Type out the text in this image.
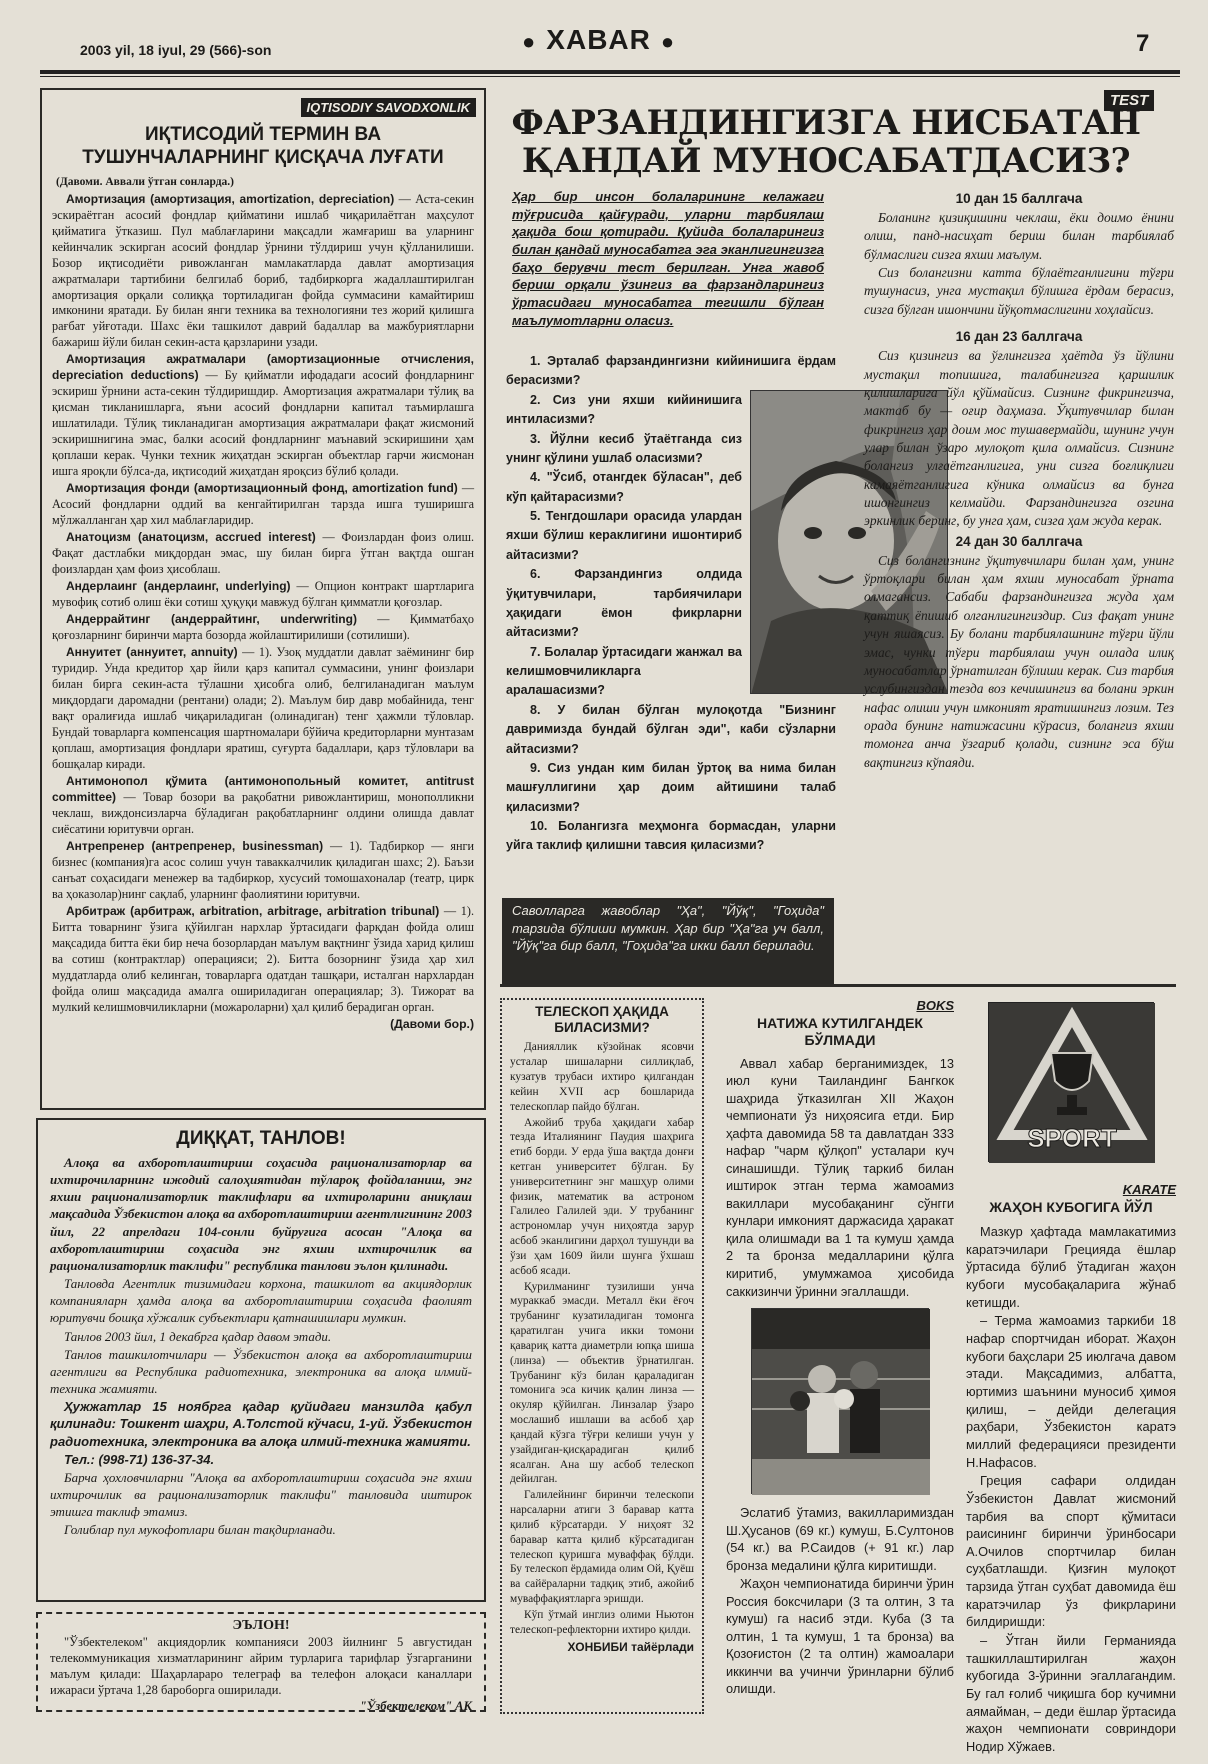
2003 yil, 18 iyul, 29 (566)-son	● XABAR ●	7
IQTISODIY SAVODXONLIK
ИҚТИСОДИЙ ТЕРМИН ВА ТУШУНЧАЛАРНИНГ ҚИСҚАЧА ЛУҒАТИ
(Давоми. Аввали ўтган сонларда.)
Амортизация (амортизация, amortization, depreciation) — Аста-секин эскираётган асосий фондлар қийматини ишлаб чиқарилаётган маҳсулот қийматига ўтказиш. Пул маблағларини мақсадли жамғариш ва уларнинг кейинчалик эскирган асосий фондлар ўрнини тўлдириш учун қўлланилиши. Бозор иқтисодиёти ривожланган мамлакатларда давлат амортизация ажратмалари тартибини белгилаб бориб, тадбиркорга жадаллаштирилган амортизация орқали солиққа тортиладиган фойда суммасини камайтириш имконини яратади. Бу билан янги техника ва технологияни тез жорий қилишга рағбат уйғотади. Шахс ёки ташкилот даврий бадаллар ва мажбуриятларни бажариш йўли билан секин-аста қарзларини узади.
Амортизация ажратмалари (амортизационные отчисления, depreciation deductions) — Бу қийматли ифодадаги асосий фондларнинг эскириш ўрнини аста-секин тўлдиришдир. Амортизация ажратмалари тўлиқ ва қисман тикланишларга, яъни асосий фондларни капитал таъмирлашга ишлатилади. Тўлиқ тикланадиган амортизация ажратмалари фақат жисмоний эскиришнигина эмас, балки асосий фондларнинг маънавий эскиришини ҳам қоплаши керак. Чунки техник жиҳатдан эскирган объектлар гарчи жисмонан ишга яроқли бўлса-да, иқтисодий жиҳатдан яроқсиз бўлиб қолади.
Амортизация фонди (амортизационный фонд, amortization fund) — Асосий фондларни оддий ва кенгайтирилган тарзда ишга туширишга мўлжалланган ҳар хил маблағларидир.
Анатоцизм (анатоцизм, accrued interest) — Фоизлардан фоиз олиш. Фақат дастлабки миқдордан эмас, шу билан бирга ўтган вақтда ошган фоизлардан ҳам фоиз ҳисоблаш.
Андерлаинг (андерлаинг, underlying) — Опцион контракт шартларига мувофиқ сотиб олиш ёки сотиш ҳуқуқи мавжуд бўлган қимматли қоғозлар.
Андеррайтинг (андеррайтинг, underwriting) — Қимматбаҳо қоғозларнинг биринчи марта бозорда жойлаштирилиши (сотилиши).
Аннуитет (аннуитет, annuity) — 1). Узоқ муддатли давлат заёмининг бир туридир. Унда кредитор ҳар йили қарз капитал суммасини, унинг фоизлари билан бирга секин-аста тўлашни ҳисобга олиб, белгиланадиган маълум миқдордаги даромадни (рентани) олади; 2). Маълум бир давр мобайнида, тенг вақт оралиғида ишлаб чиқариладиган (олинадиган) тенг ҳажмли тўловлар. Бундай товарларга компенсация шартномалари бўйича кредиторларни мунтазам қоплаш, амортизация фондлари яратиш, суғурта бадаллари, қарз тўловлари ва бошқалар киради.
Антимонопол қўмита (антимонопольный комитет, antitrust committee) — Товар бозори ва рақобатни ривожлантириш, монополликни чеклаш, виждонсизларча бўладиган рақобатларнинг олдини олишда давлат сиёсатини юритувчи орган.
Антрепренер (антрепренер, businessman) — 1). Тадбиркор — янги бизнес (компания)га асос солиш учун таваккалчилик қиладиган шахс; 2). Баъзи санъат соҳасидаги менежер ва тадбиркор, хусусий томошахоналар (театр, цирк ва ҳоказолар)нинг сақлаб, уларнинг фаолиятини юритувчи.
Арбитраж (арбитраж, arbitration, arbitrage, arbitration tribunal) — 1). Битта товарнинг ўзига қўйилган нархлар ўртасидаги фарқдан фойда олиш мақсадида битта ёки бир неча бозорлардан маълум вақтнинг ўзида харид қилиш ва сотиш (контрактлар) операцияси; 2). Битта бозорнинг ўзида ҳар хил муддатларда олиб келинган, товарларга одатдан ташқари, исталган нархлардан фойда олиш мақсадида амалга ошириладиган операциялар; 3). Тижорат ва мулкий келишмовчиликларни (можароларни) ҳал қилиб берадиган орган.
(Давоми бор.)
ДИҚҚАТ, ТАНЛОВ!
Алоқа ва ахборотлаштириш соҳасида рационализаторлар ва ихтирочиларнинг ижодий салоҳиятидан тўлароқ фойдаланиш, энг яхши рационализаторлик таклифлари ва ихтироларини аниқлаш мақсадида Ўзбекистон алоқа ва ахборотлаштириш агентлигининг 2003 йил, 22 апрелдаги 104-сонли буйруғига асосан "Алоқа ва ахборотлаштириш соҳасида энг яхши ихтирочилик ва рационализаторлик таклифи" республика танлови эълон қилинади.
Танловда Агентлик тизимидаги корхона, ташкилот ва акциядорлик компанияларн ҳамда алоқа ва ахборотлаштириш соҳасида фаолият юритувчи бошқа хўжалик субъектлари қатнашишлари мумкин.
Танлов 2003 йил, 1 декабрга қадар давом этади.
Танлов ташкилотчилари — Ўзбекистон алоқа ва ахборотлаштириш агентлиги ва Республика радиотехника, электроника ва алоқа илмий-техника жамияти.
Ҳужжатлар 15 ноябрга қадар қуйидаги манзилда қабул қилинади: Тошкент шаҳри, А.Толстой кўчаси, 1-уй. Ўзбекистон радиотехника, электроника ва алоқа илмий-техника жамияти.
Тел.: (998-71) 136-37-34.
Барча ҳохловчиларни "Алоқа ва ахборотлаштириш соҳасида энг яхши ихтирочилик ва рационализаторлик таклифи" танловида иштирок этишга таклиф этамиз.
Голиблар пул мукофотлари билан тақдирланади.
ЭЪЛОН!
"Ўзбектелеком" акциядорлик компанияси 2003 йилнинг 5 августидан телекоммуникация хизматларининг айрим турларига тарифлар ўзгарганини маълум қилади: Шаҳарлараро телеграф ва телефон алоқаси каналлари ижараси ўртача 1,28 бароборга оширилади.
"Ўзбектелеком" АК
TEST
ФАРЗАНДИНГИЗГА НИСБАТАН ҚАНДАЙ МУНОСАБАТДАСИЗ?
Ҳар бир инсон болаларининг келажаги тўғрисида қайғуради, уларни тарбиялаш ҳақида бош қотиради. Қуйида болаларингиз билан қандай муносабатга эга эканлигингизга баҳо берувчи тест берилган. Унга жавоб бериш орқали ўзингиз ва фарзандларингиз ўртасидаги муносабатга тегишли бўлган маълумотларни оласиз.
1. Эрталаб фарзандингизни кийинишига ёрдам берасизми?
2. Сиз уни яхши кийинишига интиласизми?
3. Йўлни кесиб ўтаётганда сиз унинг қўлини ушлаб оласизми?
4. "Ўсиб, отангдек бўласан", деб кўп қайтарасизми?
5. Тенгдошлари орасида улардан яхши бўлиш кераклигини ишонтириб айтасизми?
6. Фарзандингиз олдида ўқитувчилари, тарбиячилари ҳақидаги ёмон фикрларни айтасизми?
7. Болалар ўртасидаги жанжал ва келишмовчиликларга аралашасизми?
8. У билан бўлган мулоқотда "Бизнинг давримизда бундай бўлган эди", каби сўзларни айтасизми?
9. Сиз ундан ким билан ўртоқ ва нима билан машғуллигини ҳар доим айтишини талаб қиласизми?
10. Болангизга меҳмонга бормасдан, уларни уйга таклиф қилишни тавсия қиласизми?
Саволларга жавоблар "Ҳа", "Йўқ", "Гоҳида" тарзида бўлиши мумкин. Ҳар бир "Ҳа"га уч балл, "Йўқ"га бир балл, "Гоҳида"га икки балл берилади.
10 дан 15 баллгача
Боланинг қизиқишини чеклаш, ёки доимо ёнини олиш, панд-насиҳат бериш билан тарбиялаб бўлмаслиги сизга яхши маълум.
Сиз болангизни катта бўлаётганлигини тўғри тушунасиз, унга мустақил бўлишга ёрдам берасиз, сизга бўлган ишончини йўқотмаслигини хоҳлайсиз.
16 дан 23 баллгача
Сиз қизингиз ва ўғлингизга ҳаётда ўз йўлини мустақил топишига, талабингизга қаршилик қилишларига йўл қўймайсиз. Сизнинг фикрингизча, мактаб бу — оғир даҳмаза. Ўқитувчилар билан фикрингиз ҳар доим мос тушавермайди, шунинг учун улар билан ўзаро мулоқот қила олмайсиз. Сизнинг болангиз улғаётганлигига, уни сизга боғлиқлиги камаяётганлигига кўника олмайсиз ва бунга ишонгингиз келмайди. Фарзандингизга озгина эркинлик беринг, бу унга ҳам, сизга ҳам жуда керак.
24 дан 30 баллгача
Сиз болангизнинг ўқитувчилари билан ҳам, унинг ўртоқлари билан ҳам яхши муносабат ўрната олмагансиз. Сабаби фарзандингизга жуда ҳам қаттиқ ёпишиб олганлигингиздир. Сиз фақат унинг учун яшаясиз. Бу болани тарбиялашнинг тўғри йўли эмас, чунки тўғри тарбиялаш учун оилада илиқ муносабатлар ўрнатилган бўлиши керак. Сиз тарбия услубингиздан тезда воз кечишингиз ва болани эркин нафас олиши учун имконият яратишингиз лозим. Тез орада бунинг натижасини кўрасиз, болангиз яхши томонга анча ўзгариб қолади, сизнинг эса бўш вақтингиз кўпаяди.
ТЕЛЕСКОП ҲАҚИДА БИЛАСИЗМИ?
Данияллик кўзойнак ясовчи усталар шишаларни силлиқлаб, кузатув трубаси ихтиро қилгандан кейин XVII аср бошларида телескоплар пайдо бўлган.
Ажойиб труба ҳақидаги хабар тезда Италиянинг Паудия шаҳрига етиб борди. У ерда ўша вақтда донғи кетган университет бўлган. Бу университетнинг энг машҳур олими физик, математик ва астроном Галилео Галилей эди. У трубанинг астрономлар учун ниҳоятда зарур асбоб эканлигини дарҳол тушунди ва ўзи ҳам 1609 йили шунга ўхшаш асбоб ясади.
Қурилманинг тузилиши унча мураккаб эмасди. Металл ёки ёғоч трубанинг кузатиладиган томонга қаратилган учига икки томони қавариқ катта диаметрли юпқа шиша (линза) — объектив ўрнатилган. Трубанинг кўз билан қараладиган томонига эса кичик қалин линза — окуляр қўйилган. Линзалар ўзаро мослашиб ишлаши ва асбоб ҳар қандай кўзга тўғри келиши учун у узайдиган-қисқарадиган қилиб ясалган. Ана шу асбоб телескоп дейилган.
Галилейнинг биринчи телескопи нарсаларни атиги 3 баравар катта қилиб кўрсатарди. У ниҳоят 32 баравар катта қилиб кўрсатадиган телескоп қуришга муваффақ бўлди. Бу телескоп ёрдамида олим Ой, Қуёш ва сайёраларни тадқиқ этиб, ажойиб муваффақиятларга эришди.
Кўп ўтмай инглиз олими Ньютон телескоп-рефлекторни ихтиро қилди.
ХОНБИБИ тайёрлади
BOKS
НАТИЖА КУТИЛГАНДЕК БЎЛМАДИ
Аввал хабар берганимиздек, 13 июл куни Таиландинг Бангкок шаҳрида ўтказилган XII Жаҳон чемпионати ўз ниҳоясига етди. Бир ҳафта давомида 58 та давлатдан 333 нафар "чарм қўлқоп" усталари куч синашишди. Тўлиқ таркиб билан иштирок этган терма жамоамиз вакиллари мусобақанинг сўнгги кунлари имконият даржасида ҳаракат қила олишмади ва 1 та кумуш ҳамда 2 та бронза медалларини қўлга киритиб, умумжамоа ҳисобида саккизинчи ўринни эгаллашди.
Эслатиб ўтамиз, вакилларимиздан Ш.Ҳусанов (69 кг.) кумуш, Б.Султонов (54 кг.) ва Р.Саидов (+ 91 кг.) лар бронза медалини қўлга киритишди.
Жаҳон чемпионатида биринчи ўрин Россия боксчилари (3 та олтин, 3 та кумуш) га насиб этди. Куба (3 та олтин, 1 та кумуш, 1 та бронза) ва Қозоғистон (2 та олтин) жамоалари иккинчи ва учинчи ўринларни бўлиб олишди.
SPORT
KARATE
ЖАҲОН КУБОГИГА ЙЎЛ
Мазкур ҳафтада мамлакатимиз каратэчилари Грецияда ёшлар ўртасида бўлиб ўтадиган жаҳон кубоги мусобақаларига жўнаб кетишди.
– Терма жамоамиз таркиби 18 нафар спортчидан иборат. Жаҳон кубоги баҳслари 25 июлгача давом этади. Мақсадимиз, албатта, юртимиз шаънини муносиб ҳимоя қилиш, – дейди делегация раҳбари, Ўзбекистон каратэ миллий федерацияси президенти Н.Нафасов.
Греция сафари олдидан Ўзбекистон Давлат жисмоний тарбия ва спорт қўмитаси раисининг биринчи ўринбосари А.Очилов спортчилар билан суҳбатлашди. Қизғин мулоқот тарзида ўтган суҳбат давомида ёш каратэчилар ўз фикрларини билдиришди:
– Ўтган йили Германияда ташкиллаштирилган жаҳон кубогида 3-ўринни эгаллагандим. Бу гал ғолиб чиқишга бор кучимни аямайман, – деди ёшлар ўртасида жаҳон чемпионати совриндори Нодир Хўжаев.
